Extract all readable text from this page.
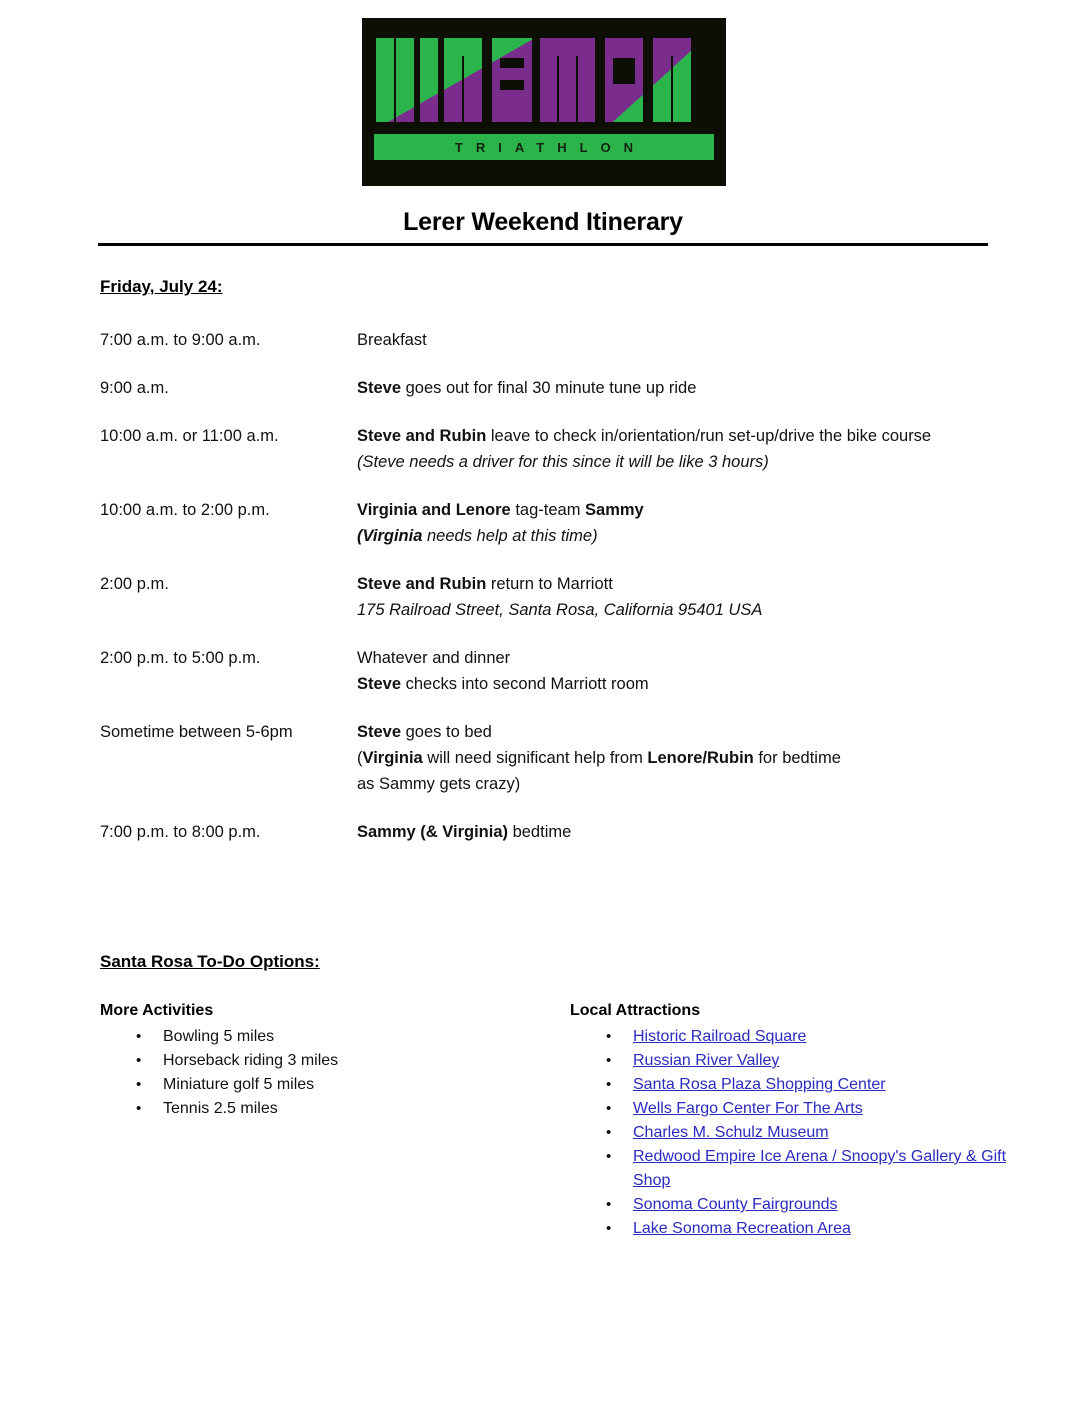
TRIATHLON
Lerer Weekend Itinerary
Friday, July 24:
7:00 a.m. to 9:00 a.m.	Breakfast
9:00 a.m.	Steve goes out for final 30 minute tune up ride
10:00 a.m. or 11:00 a.m.	Steve and Rubin leave to check in/orientation/run set-up/drive the bike course
(Steve needs a driver for this since it will be like 3 hours)
10:00 a.m. to 2:00 p.m.	Virginia and Lenore tag-team Sammy
(Virginia needs help at this time)
2:00 p.m.	Steve and Rubin return to Marriott
175 Railroad Street, Santa Rosa, California 95401 USA
2:00 p.m. to 5:00 p.m.	Whatever and dinner
Steve checks into second Marriott room
Sometime between 5-6pm	Steve goes to bed
(Virginia will need significant help from Lenore/Rubin for bedtime
as Sammy gets crazy)
7:00 p.m. to 8:00 p.m.	Sammy (& Virginia) bedtime
Santa Rosa To-Do Options:
More Activities
• Bowling 5 miles
• Horseback riding 3 miles
• Miniature golf 5 miles
• Tennis 2.5 miles
Local Attractions
• Historic Railroad Square
• Russian River Valley
• Santa Rosa Plaza Shopping Center
• Wells Fargo Center For The Arts
• Charles M. Schulz Museum
• Redwood Empire Ice Arena / Snoopy's Gallery & Gift Shop
• Sonoma County Fairgrounds
• Lake Sonoma Recreation Area
